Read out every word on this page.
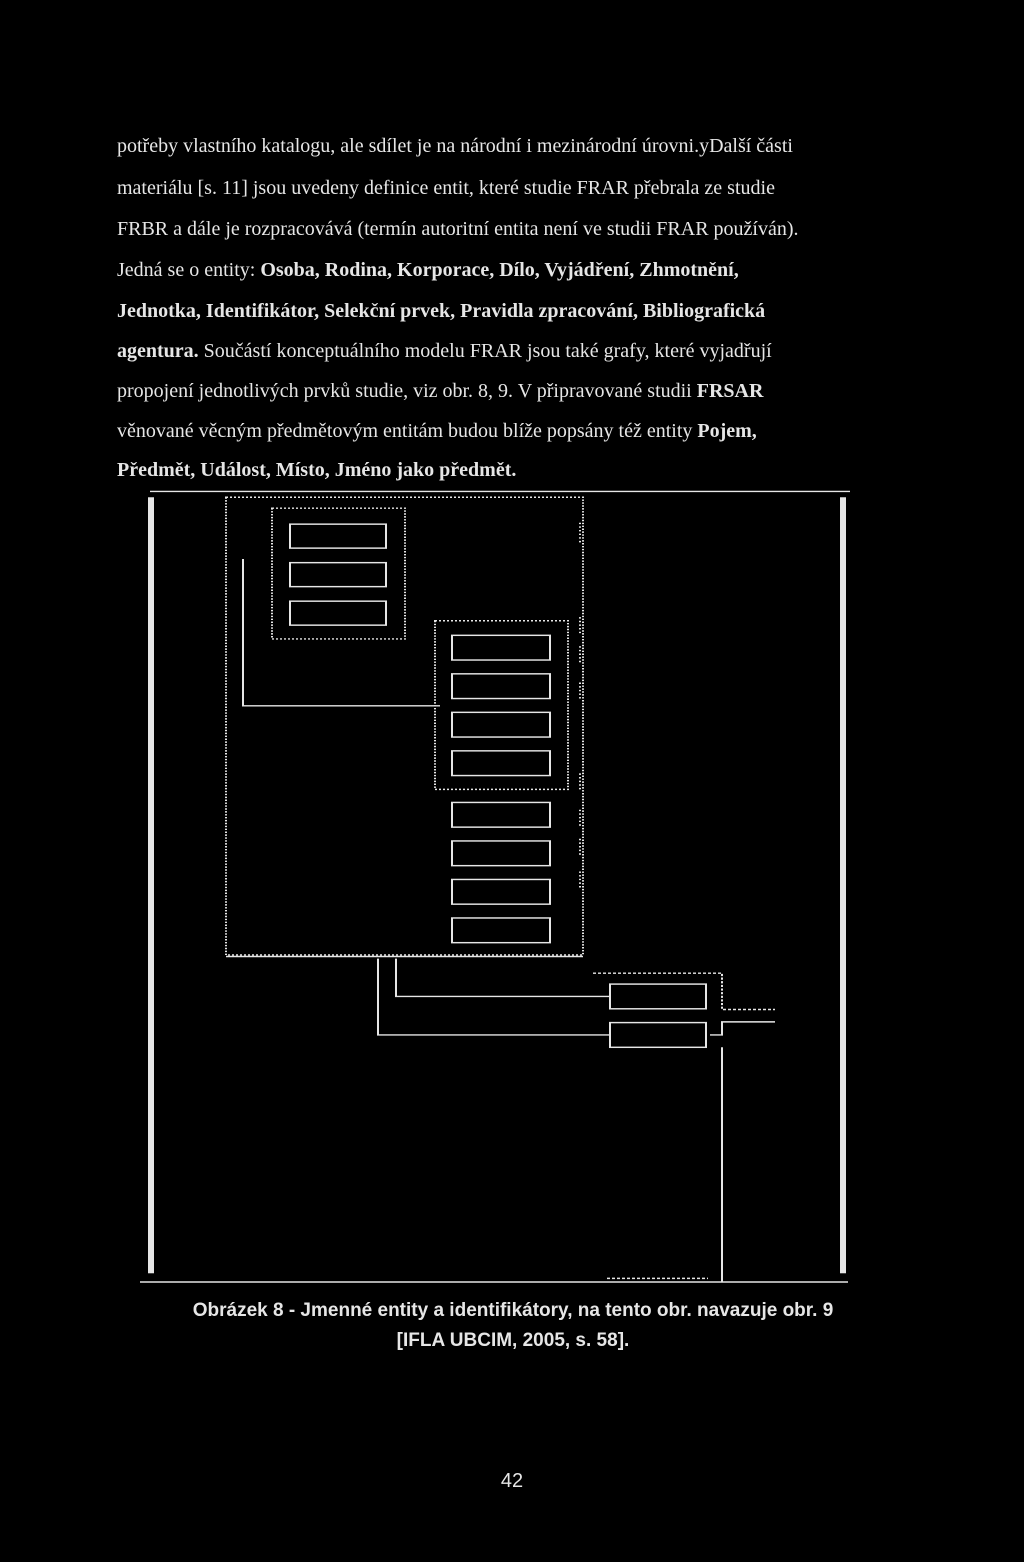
potřeby vlastního katalogu, ale sdílet je na národní i mezinárodní úrovni.yDalší části

materiálu [s. 11] jsou uvedeny definice entit, které studie FRAR přebrala ze studie

FRBR a dále je rozpracovává (termín autoritní entita není ve studii FRAR používán).

Jedná se o entity: Osoba, Rodina, Korporace, Dílo, Vyjádření, Zhmotnění,

Jednotka, Identifikátor, Selekční prvek, Pravidla zpracování, Bibliografická

agentura. Součástí konceptuálního modelu FRAR jsou také grafy, které vyjadřují

propojení jednotlivých prvků studie, viz obr. 8, 9. V připravované studii FRSAR

věnované věcným předmětovým entitám budou blíže popsány též entity Pojem,

Předmět, Událost, Místo, Jméno jako předmět.

Obrázek 8 - Jmenné entity a identifikátory, na tento obr. navazuje obr. 9
[IFLA UBCIM, 2005, s. 58].

42
